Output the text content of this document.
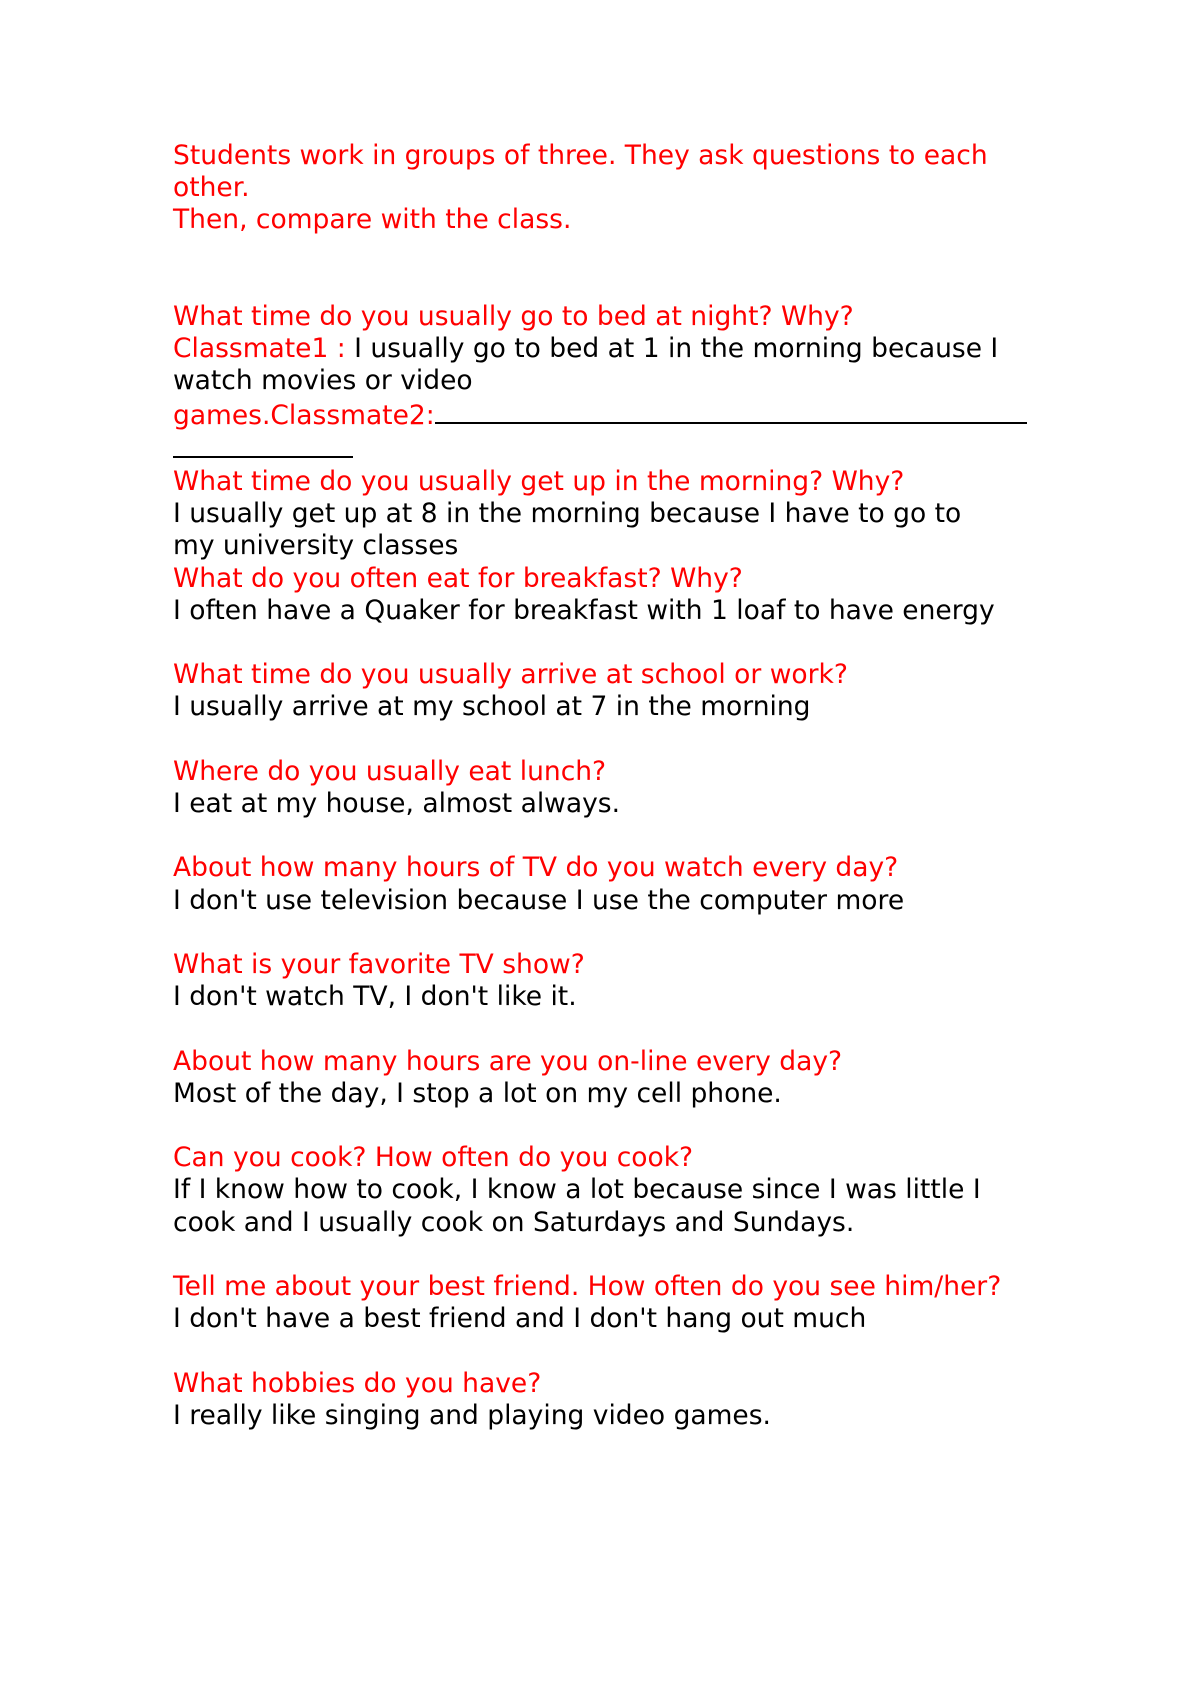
Students work in groups of three. They ask questions to each
other.
Then, compare with the class.
What time do you usually go to bed at night? Why?
Classmate1 : I usually go to bed at 1 in the morning because I
watch movies or video
games.Classmate2:
What time do you usually get up in the morning? Why?
I usually get up at 8 in the morning because I have to go to
my university classes
What do you often eat for breakfast? Why?
I often have a Quaker for breakfast with 1 loaf to have energy
What time do you usually arrive at school or work?
I usually arrive at my school at 7 in the morning
Where do you usually eat lunch?
I eat at my house, almost always.
About how many hours of TV do you watch every day?
I don't use television because I use the computer more
What is your favorite TV show?
I don't watch TV, I don't like it.
About how many hours are you on-line every day?
Most of the day, I stop a lot on my cell phone.
Can you cook? How often do you cook?
If I know how to cook, I know a lot because since I was little I
cook and I usually cook on Saturdays and Sundays.
Tell me about your best friend. How often do you see him/her?
I don't have a best friend and I don't hang out much
What hobbies do you have?
I really like singing and playing video games.
